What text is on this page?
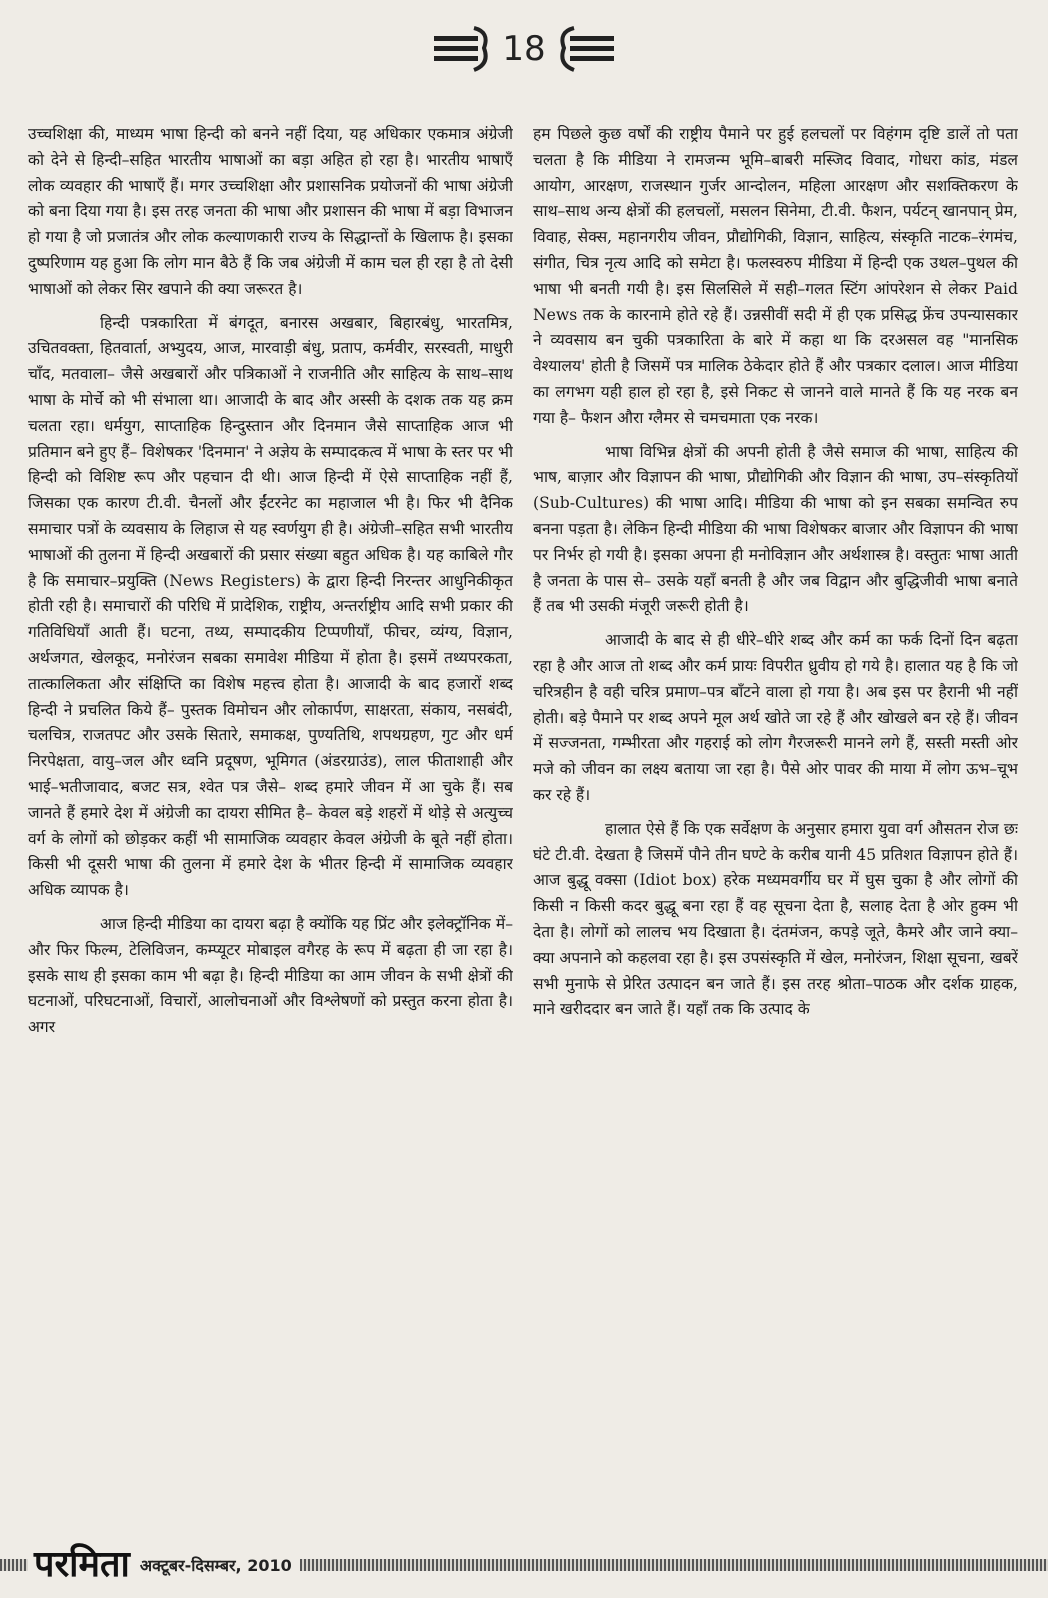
18

उच्चशिक्षा की, माध्यम भाषा हिन्दी को बनने नहीं दिया, यह अधिकार एकमात्र अंग्रेजी को देने से हिन्दी–सहित भारतीय भाषाओं का बड़ा अहित हो रहा है। भारतीय भाषाएँ लोक व्यवहार की भाषाएँ हैं। मगर उच्चशिक्षा और प्रशासनिक प्रयोजनों की भाषा अंग्रेजी को बना दिया गया है। इस तरह जनता की भाषा और प्रशासन की भाषा में बड़ा विभाजन हो गया है जो प्रजातंत्र और लोक कल्याणकारी राज्य के सिद्धान्तों के खिलाफ है। इसका दुष्परिणाम यह हुआ कि लोग मान बैठे हैं कि जब अंग्रेजी में काम चल ही रहा है तो देसी भाषाओं को लेकर सिर खपाने की क्या जरूरत है।

हिन्दी पत्रकारिता में बंगदूत, बनारस अखबार, बिहारबंधु, भारतमित्र, उचितवक्ता, हितवार्ता, अभ्युदय, आज, मारवाड़ी बंधु, प्रताप, कर्मवीर, सरस्वती, माधुरी चाँद, मतवाला– जैसे अखबारों और पत्रिकाओं ने राजनीति और साहित्य के साथ–साथ भाषा के मोर्चे को भी संभाला था। आजादी के बाद और अस्सी के दशक तक यह क्रम चलता रहा। धर्मयुग, साप्ताहिक हिन्दुस्तान और दिनमान जैसे साप्ताहिक आज भी प्रतिमान बने हुए हैं– विशेषकर 'दिनमान' ने अज्ञेय के सम्पादकत्व में भाषा के स्तर पर भी हिन्दी को विशिष्ट रूप और पहचान दी थी। आज हिन्दी में ऐसे साप्ताहिक नहीं हैं, जिसका एक कारण टी.वी. चैनलों और ईंटरनेट का महाजाल भी है। फिर भी दैनिक समाचार पत्रों के व्यवसाय के लिहाज से यह स्वर्णयुग ही है। अंग्रेजी–सहित सभी भारतीय भाषाओं की तुलना में हिन्दी अखबारों की प्रसार संख्या बहुत अधिक है। यह काबिले गौर है कि समाचार–प्रयुक्ति (News Registers) के द्वारा हिन्दी निरन्तर आधुनिकीकृत होती रही है। समाचारों की परिधि में प्रादेशिक, राष्ट्रीय, अन्तर्राष्ट्रीय आदि सभी प्रकार की गतिविधियाँ आती हैं। घटना, तथ्य, सम्पादकीय टिप्पणीयाँ, फीचर, व्यंग्य, विज्ञान, अर्थजगत, खेलकूद, मनोरंजन सबका समावेश मीडिया में होता है। इसमें तथ्यपरकता, तात्कालिकता और संक्षिप्ति का विशेष महत्त्व होता है। आजादी के बाद हजारों शब्द हिन्दी ने प्रचलित किये हैं– पुस्तक विमोचन और लोकार्पण, साक्षरता, संकाय, नसबंदी, चलचित्र, राजतपट और उसके सितारे, समाकक्ष, पुण्यतिथि, शपथग्रहण, गुट और धर्म निरपेक्षता, वायु–जल और ध्वनि प्रदूषण, भूमिगत (अंडरग्राउंड), लाल फीताशाही और भाई–भतीजावाद, बजट सत्र, श्वेत पत्र जैसे– शब्द हमारे जीवन में आ चुके हैं। सब जानते हैं हमारे देश में अंग्रेजी का दायरा सीमित है– केवल बड़े शहरों में थोड़े से अत्युच्च वर्ग के लोगों को छोड़कर कहीं भी सामाजिक व्यवहार केवल अंग्रेजी के बूते नहीं होता। किसी भी दूसरी भाषा की तुलना में हमारे देश के भीतर हिन्दी में सामाजिक व्यवहार अधिक व्यापक है।

आज हिन्दी मीडिया का दायरा बढ़ा है क्योंकि यह प्रिंट और इलेक्ट्रॉनिक में– और फिर फिल्म, टेलिविजन, कम्प्यूटर मोबाइल वगैरह के रूप में बढ़ता ही जा रहा है। इसके साथ ही इसका काम भी बढ़ा है। हिन्दी मीडिया का आम जीवन के सभी क्षेत्रों की घटनाओं, परिघटनाओं, विचारों, आलोचनाओं और विश्लेषणों को प्रस्तुत करना होता है। अगर

हम पिछले कुछ वर्षों की राष्ट्रीय पैमाने पर हुई हलचलों पर विहंगम दृष्टि डालें तो पता चलता है कि मीडिया ने रामजन्म भूमि–बाबरी मस्जिद विवाद, गोधरा कांड, मंडल आयोग, आरक्षण, राजस्थान गुर्जर आन्दोलन, महिला आरक्षण और सशक्तिकरण के साथ–साथ अन्य क्षेत्रों की हलचलों, मसलन सिनेमा, टी.वी. फैशन, पर्यटन् खानपान् प्रेम, विवाह, सेक्स, महानगरीय जीवन, प्रौद्योगिकी, विज्ञान, साहित्य, संस्कृति नाटक–रंगमंच, संगीत, चित्र नृत्य आदि को समेटा है। फलस्वरुप मीडिया में हिन्दी एक उथल–पुथल की भाषा भी बनती गयी है। इस सिलसिले में सही–गलत स्टिंग आंपरेशन से लेकर Paid News तक के कारनामे होते रहे हैं। उन्नसीवीं सदी में ही एक प्रसिद्ध फ्रेंच उपन्यासकार ने व्यवसाय बन चुकी पत्रकारिता के बारे में कहा था कि दरअसल वह "मानसिक वेश्यालय' होती है जिसमें पत्र मालिक ठेकेदार होते हैं और पत्रकार दलाल। आज मीडिया का लगभग यही हाल हो रहा है, इसे निकट से जानने वाले मानते हैं कि यह नरक बन गया है– फैशन औरा ग्लैमर से चमचमाता एक नरक।

भाषा विभिन्न क्षेत्रों की अपनी होती है जैसे समाज की भाषा, साहित्य की भाष, बाज़ार और विज्ञापन की भाषा, प्रौद्योगिकी और विज्ञान की भाषा, उप–संस्कृतियों (Sub-Cultures) की भाषा आदि। मीडिया की भाषा को इन सबका समन्वित रुप बनना पड़ता है। लेकिन हिन्दी मीडिया की भाषा विशेषकर बाजार और विज्ञापन की भाषा पर निर्भर हो गयी है। इसका अपना ही मनोविज्ञान और अर्थशास्त्र है। वस्तुतः भाषा आती है जनता के पास से– उसके यहाँ बनती है और जब विद्वान और बुद्धिजीवी भाषा बनाते हैं तब भी उसकी मंजूरी जरूरी होती है।

आजादी के बाद से ही धीरे–धीरे शब्द और कर्म का फर्क दिनों दिन बढ़ता रहा है और आज तो शब्द और कर्म प्रायः विपरीत ध्रुवीय हो गये है। हालात यह है कि जो चरित्रहीन है वही चरित्र प्रमाण–पत्र बाँटने वाला हो गया है। अब इस पर हैरानी भी नहीं होती। बड़े पैमाने पर शब्द अपने मूल अर्थ खोते जा रहे हैं और खोखले बन रहे हैं। जीवन में सज्जनता, गम्भीरता और गहराई को लोग गैरजरूरी मानने लगे हैं, सस्ती मस्ती ओर मजे को जीवन का लक्ष्य बताया जा रहा है। पैसे ओर पावर की माया में लोग ऊभ–चूभ कर रहे हैं।

हालात ऐसे हैं कि एक सर्वेक्षण के अनुसार हमारा युवा वर्ग औसतन रोज छः घंटे टी.वी. देखता है जिसमें पौने तीन घण्टे के करीब यानी 45 प्रतिशत विज्ञापन होते हैं। आज बुद्धू वक्सा (Idiot box) हरेक मध्यमवर्गीय घर में घुस चुका है और लोगों की किसी न किसी कदर बुद्धू बना रहा हैं वह सूचना देता है, सलाह देता है ओर हुक्म भी देता है। लोगों को लालच भय दिखाता है। दंतमंजन, कपड़े जूते, कैमरे और जाने क्या–क्या अपनाने को कहलवा रहा है। इस उपसंस्कृति में खेल, मनोरंजन, शिक्षा सूचना, खबरें सभी मुनाफे से प्रेरित उत्पादन बन जाते हैं। इस तरह श्रोता–पाठक और दर्शक ग्राहक, माने खरीददार बन जाते हैं। यहाँ तक कि उत्पाद के

परमिता अक्टूबर-दिसम्बर, 2010
